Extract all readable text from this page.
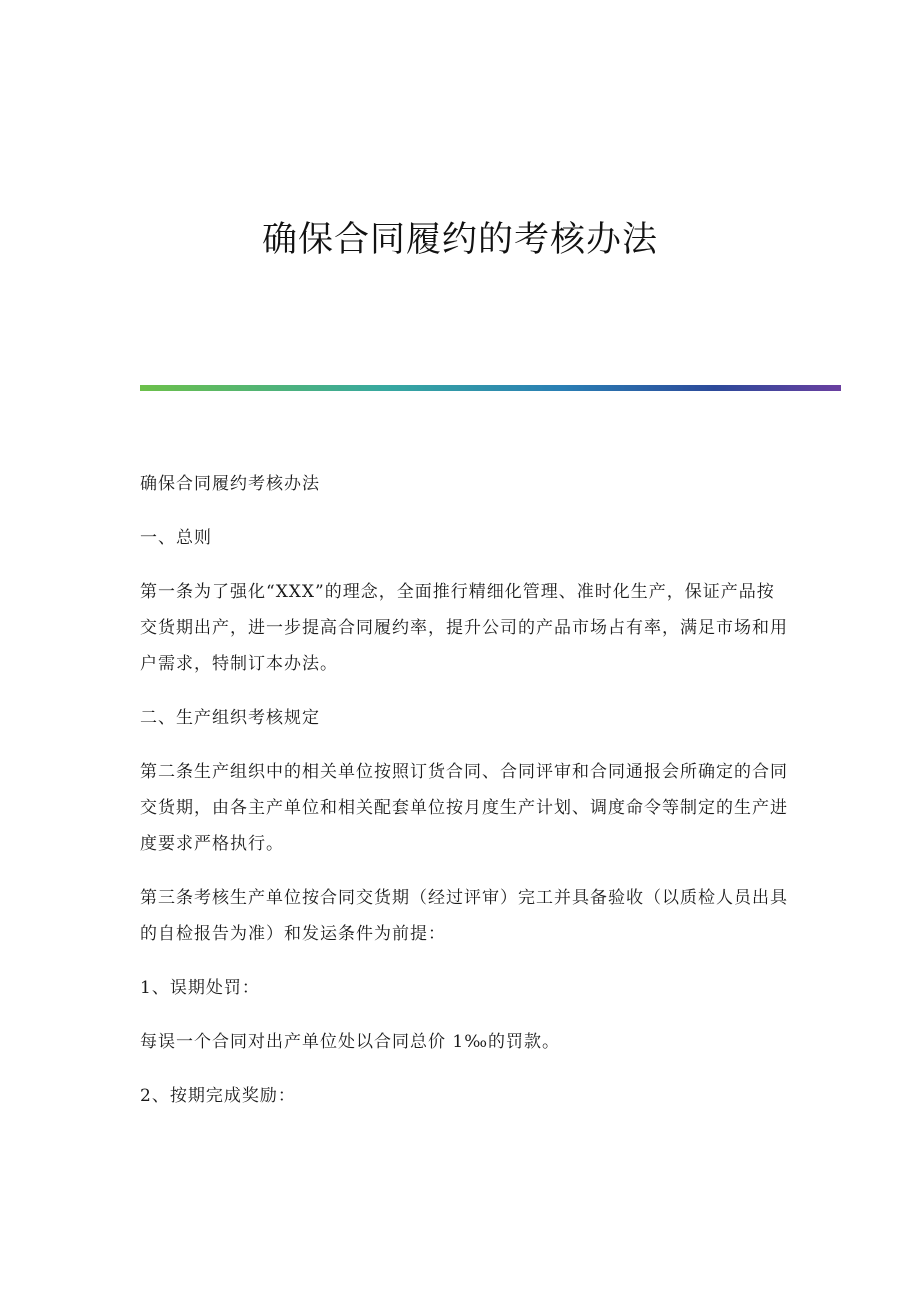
确保合同履约的考核办法

确保合同履约考核办法

一、总则

第一条为了强化“XXX”的理念，全面推行精细化管理、准时化生产，保证产品按交货期出产，进一步提高合同履约率，提升公司的产品市场占有率，满足市场和用户需求，特制订本办法。

二、生产组织考核规定

第二条生产组织中的相关单位按照订货合同、合同评审和合同通报会所确定的合同交货期，由各主产单位和相关配套单位按月度生产计划、调度命令等制定的生产进度要求严格执行。

第三条考核生产单位按合同交货期（经过评审）完工并具备验收（以质检人员出具的自检报告为准）和发运条件为前提：

1、误期处罚：

每误一个合同对出产单位处以合同总价 1‰的罚款。

2、按期完成奖励：
